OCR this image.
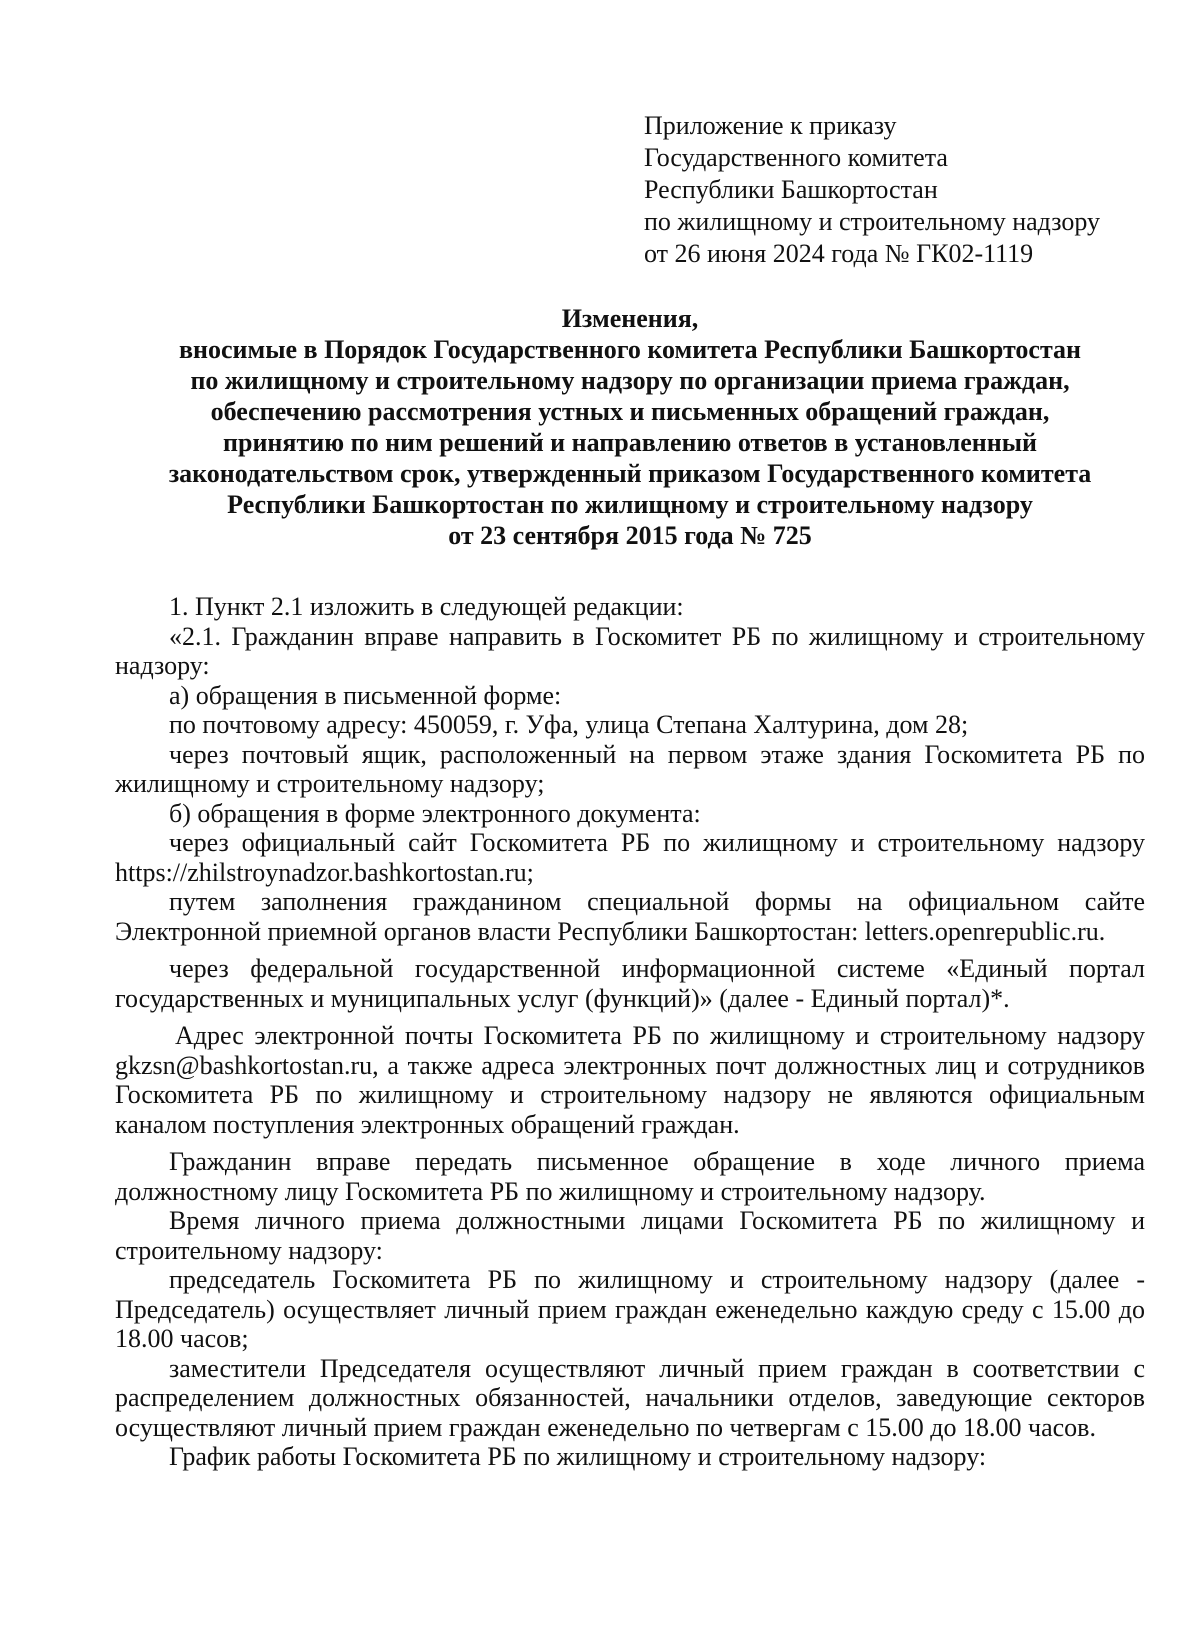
Приложение к приказу
Государственного комитета
Республики Башкортостан
по жилищному и строительному надзору
от 26 июня 2024 года № ГК02-1119
Изменения,
вносимые в Порядок Государственного комитета Республики Башкортостан
по жилищному и строительному надзору по организации приема граждан,
обеспечению рассмотрения устных и письменных обращений граждан,
принятию по ним решений и направлению ответов в установленный
законодательством срок, утвержденный приказом Государственного комитета
Республики Башкортостан по жилищному и строительному надзору
от 23 сентября 2015 года № 725

1. Пункт 2.1 изложить в следующей редакции:

«2.1. Гражданин вправе направить в Госкомитет РБ по жилищному и строительному надзору:

а) обращения в письменной форме:

по почтовому адресу: 450059, г. Уфа, улица Степана Халтурина, дом 28;

через почтовый ящик, расположенный на первом этаже здания Госкомитета РБ по жилищному и строительному надзору;

б) обращения в форме электронного документа:

через официальный сайт Госкомитета РБ по жилищному и строительному надзору https://zhilstroynadzor.bashkortostan.ru;

путем заполнения гражданином специальной формы на официальном сайте Электронной приемной органов власти Республики Башкортостан: letters.openrepublic.ru.

через федеральной государственной информационной системе «Единый портал государственных и муниципальных услуг (функций)» (далее - Единый портал)*.

Адрес электронной почты Госкомитета РБ по жилищному и строительному надзору gkzsn@bashkortostan.ru, а также адреса электронных почт должностных лиц и сотрудников Госкомитета РБ по жилищному и строительному надзору не являются официальным каналом поступления электронных обращений граждан.

Гражданин вправе передать письменное обращение в ходе личного приема должностному лицу Госкомитета РБ по жилищному и строительному надзору.

Время личного приема должностными лицами Госкомитета РБ по жилищному и строительному надзору:

председатель Госкомитета РБ по жилищному и строительному надзору (далее - Председатель) осуществляет личный прием граждан еженедельно каждую среду с 15.00 до 18.00 часов;

заместители Председателя осуществляют личный прием граждан в соответствии с распределением должностных обязанностей, начальники отделов, заведующие секторов осуществляют личный прием граждан еженедельно по четвергам с 15.00 до 18.00 часов.

График работы Госкомитета РБ по жилищному и строительному надзору:
